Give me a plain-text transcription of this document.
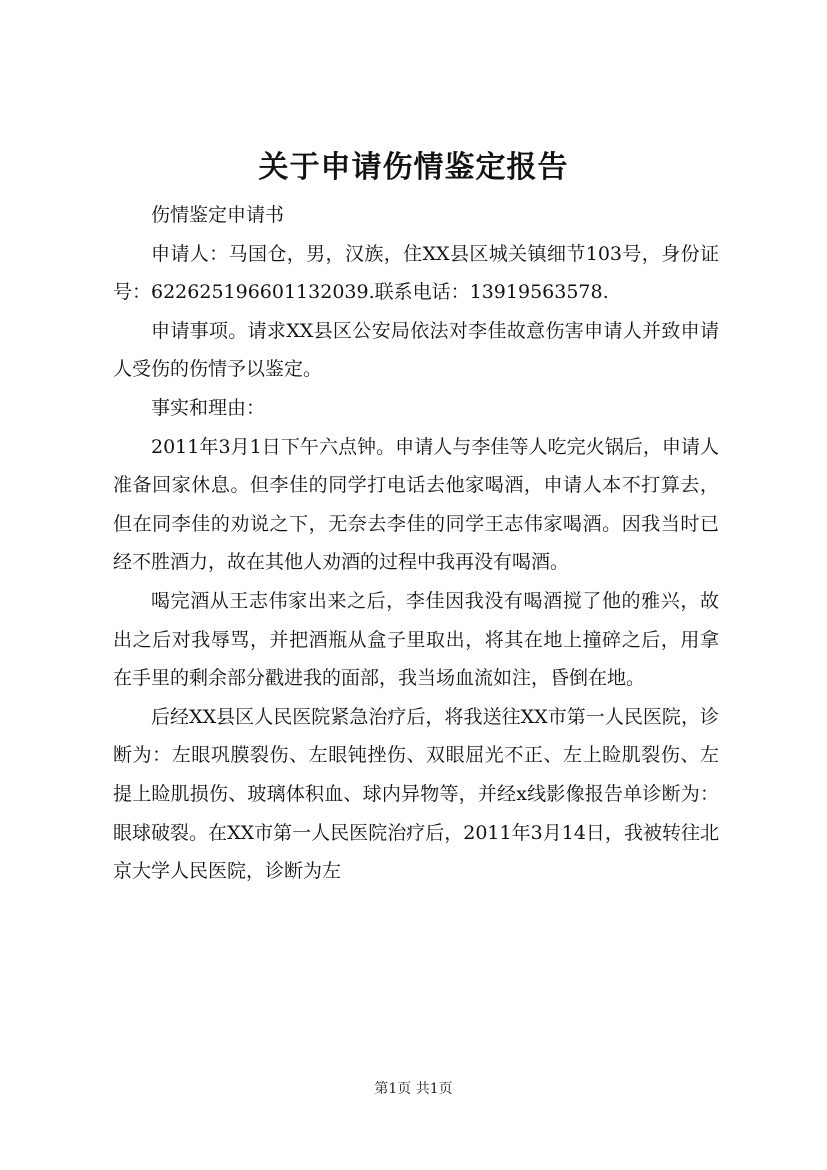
关于申请伤情鉴定报告

伤情鉴定申请书

申请人：马国仓，男，汉族，住XX县区城关镇细节103号，身份证号：622625196601132039.联系电话：13919563578.

申请事项。请求XX县区公安局依法对李佳故意伤害申请人并致申请人受伤的伤情予以鉴定。

事实和理由：

2011年3月1日下午六点钟。申请人与李佳等人吃完火锅后，申请人准备回家休息。但李佳的同学打电话去他家喝酒，申请人本不打算去，但在同李佳的劝说之下，无奈去李佳的同学王志伟家喝酒。因我当时已经不胜酒力，故在其他人劝酒的过程中我再没有喝酒。

喝完酒从王志伟家出来之后，李佳因我没有喝酒搅了他的雅兴，故出之后对我辱骂，并把酒瓶从盒子里取出，将其在地上撞碎之后，用拿在手里的剩余部分戳进我的面部，我当场血流如注，昏倒在地。

后经XX县区人民医院紧急治疗后，将我送往XX市第一人民医院，诊断为：左眼巩膜裂伤、左眼钝挫伤、双眼屈光不正、左上睑肌裂伤、左提上睑肌损伤、玻璃体积血、球内异物等，并经x线影像报告单诊断为：眼球破裂。在XX市第一人民医院治疗后，2011年3月14日，我被转往北京大学人民医院，诊断为左

第1页 共1页
